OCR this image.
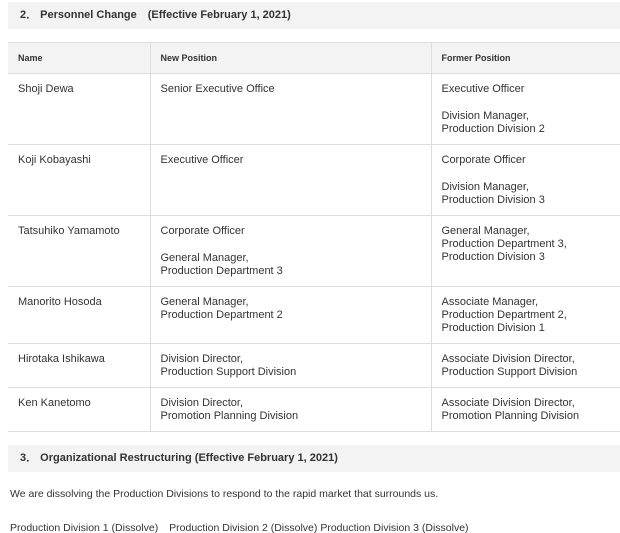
2． Personnel Change　(Effective February 1, 2021)
Name	New Position	Former Position

Shoji Dewa	Senior Executive Office	Executive Officer
Division Manager,
Production Division 2

Koji Kobayashi	Executive Officer	Corporate Officer
Division Manager,
Production Division 3

Tatsuhiko Yamamoto	Corporate Officer
General Manager,
Production Department 3	General Manager,
Production Department 3,
Production Division 3

Manorito Hosoda	General Manager,
Production Department 2	Associate Manager,
Production Department 2,
Production Division 1

Hirotaka Ishikawa	Division Director,
Production Support Division	Associate Division Director,
Production Support Division

Ken Kanetomo	Division Director,
Promotion Planning Division	Associate Division Director,
Promotion Planning Division
3． Organizational Restructuring (Effective February 1, 2021)
We are dissolving the Production Divisions to respond to the rapid market that surrounds us.
Production Division 1 (Dissolve) Production Division 2 (Dissolve) Production Division 3 (Dissolve)
